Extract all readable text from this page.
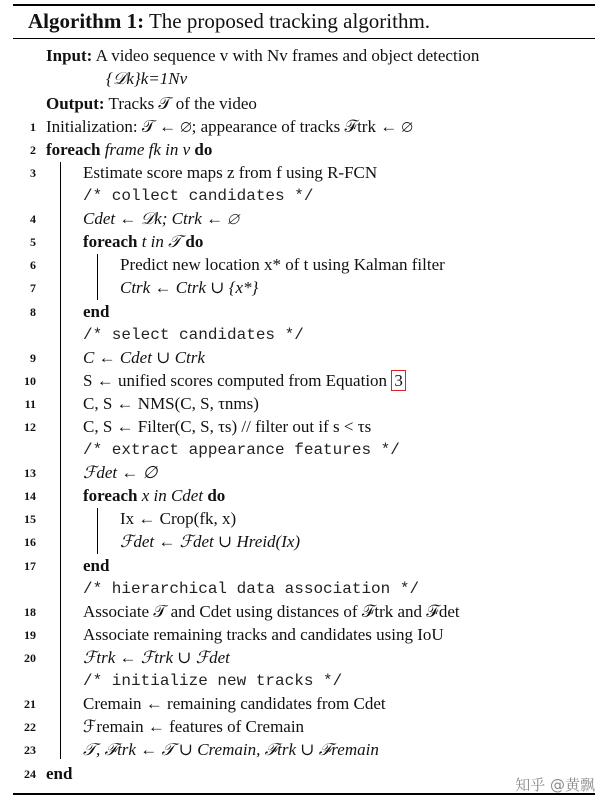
Algorithm 1: The proposed tracking algorithm.
Input: A video sequence v with Nv frames and object detection
{𝒟k}k=1Nv
Output: Tracks 𝒯 of the video
1 Initialization: 𝒯 ← ∅; appearance of tracks ℱtrk ← ∅
2 foreach frame fk in v do
3	Estimate score maps z from f using R-FCN
/* collect candidates */
4	Cdet ← 𝒟k; Ctrk ← ∅
5	foreach t in 𝒯 do
6	Predict new location x* of t using Kalman filter
7	Ctrk ← Ctrk ∪ {x*}
8	end
/* select candidates */
9	C ← Cdet ∪ Ctrk
10	S ← unified scores computed from Equation 3
11	C, S ← NMS(C, S, τnms)
12	C, S ← Filter(C, S, τs) // filter out if s < τs
/* extract appearance features */
13	ℱdet ← ∅
14	foreach x in Cdet do
15	Ix ← Crop(fk, x)
16	ℱdet ← ℱdet ∪ Hreid(Ix)
17	end
/* hierarchical data association */
18	Associate 𝒯 and Cdet using distances of ℱtrk and ℱdet
19	Associate remaining tracks and candidates using IoU
20	ℱtrk ← ℱtrk ∪ ℱdet
/* initialize new tracks */
21	Cremain ← remaining candidates from Cdet
22	ℱremain ← features of Cremain
23	𝒯, ℱtrk ← 𝒯 ∪ Cremain, ℱtrk ∪ ℱremain
24 end
知乎 @黄飘
